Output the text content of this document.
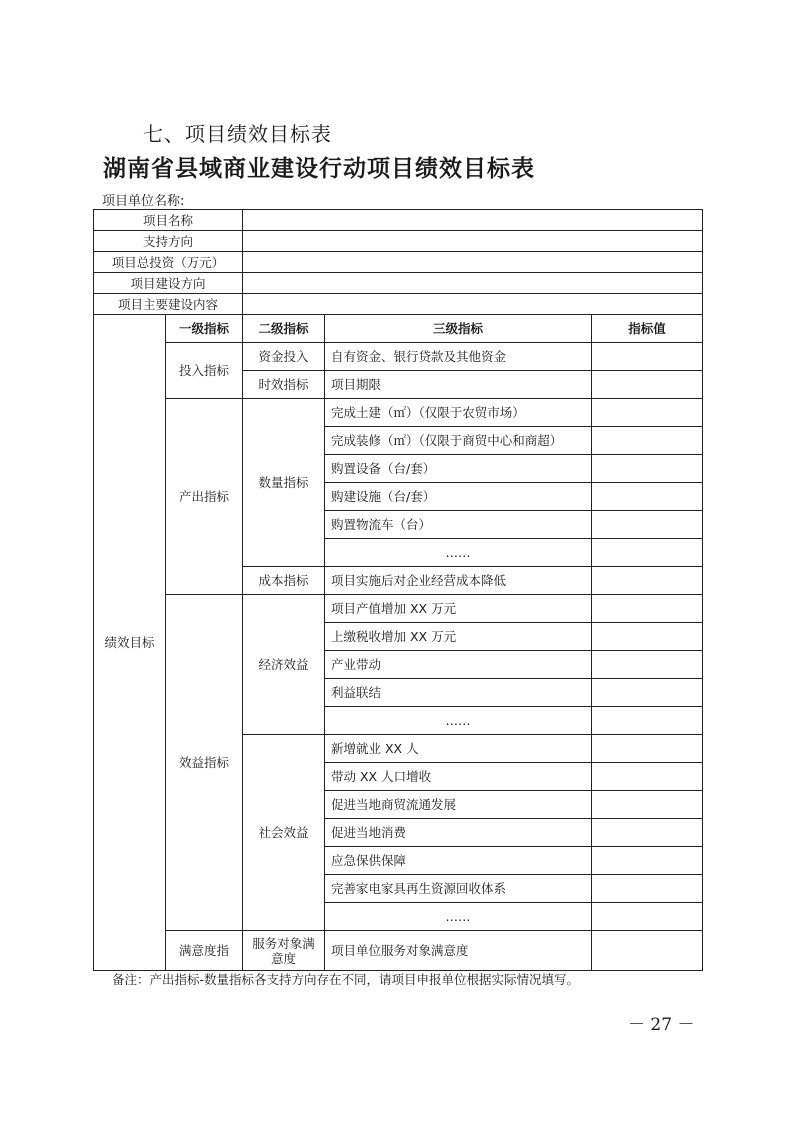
七、项目绩效目标表
湖南省县域商业建设行动项目绩效目标表
项目单位名称:
项目名称				
支持方向				
项目总投资（万元）				
项目建设方向				
项目主要建设内容				
绩效目标	一级指标	二级指标	三级指标	指标值
	投入指标	资金投入	自有资金、银行贷款及其他资金	
		时效指标	项目期限	
	产出指标	数量指标	完成土建（㎡）（仅限于农贸市场）	
			完成装修（㎡）（仅限于商贸中心和商超）	
			购置设备（台/套）	
			购建设施（台/套）	
			购置物流车（台）	
			……	
		成本指标	项目实施后对企业经营成本降低	
	效益指标	经济效益	项目产值增加 XX 万元	
			上缴税收增加 XX 万元	
			产业带动	
			利益联结	
			……	
		社会效益	新增就业 XX 人	
			带动 XX 人口增收	
			促进当地商贸流通发展	
			促进当地消费	
			应急保供保障	
			完善家电家具再生资源回收体系	
			……	
	满意度指	服务对象满意度	项目单位服务对象满意度	
备注：产出指标-数量指标各支持方向存在不同，请项目申报单位根据实际情况填写。
－ 27 －
